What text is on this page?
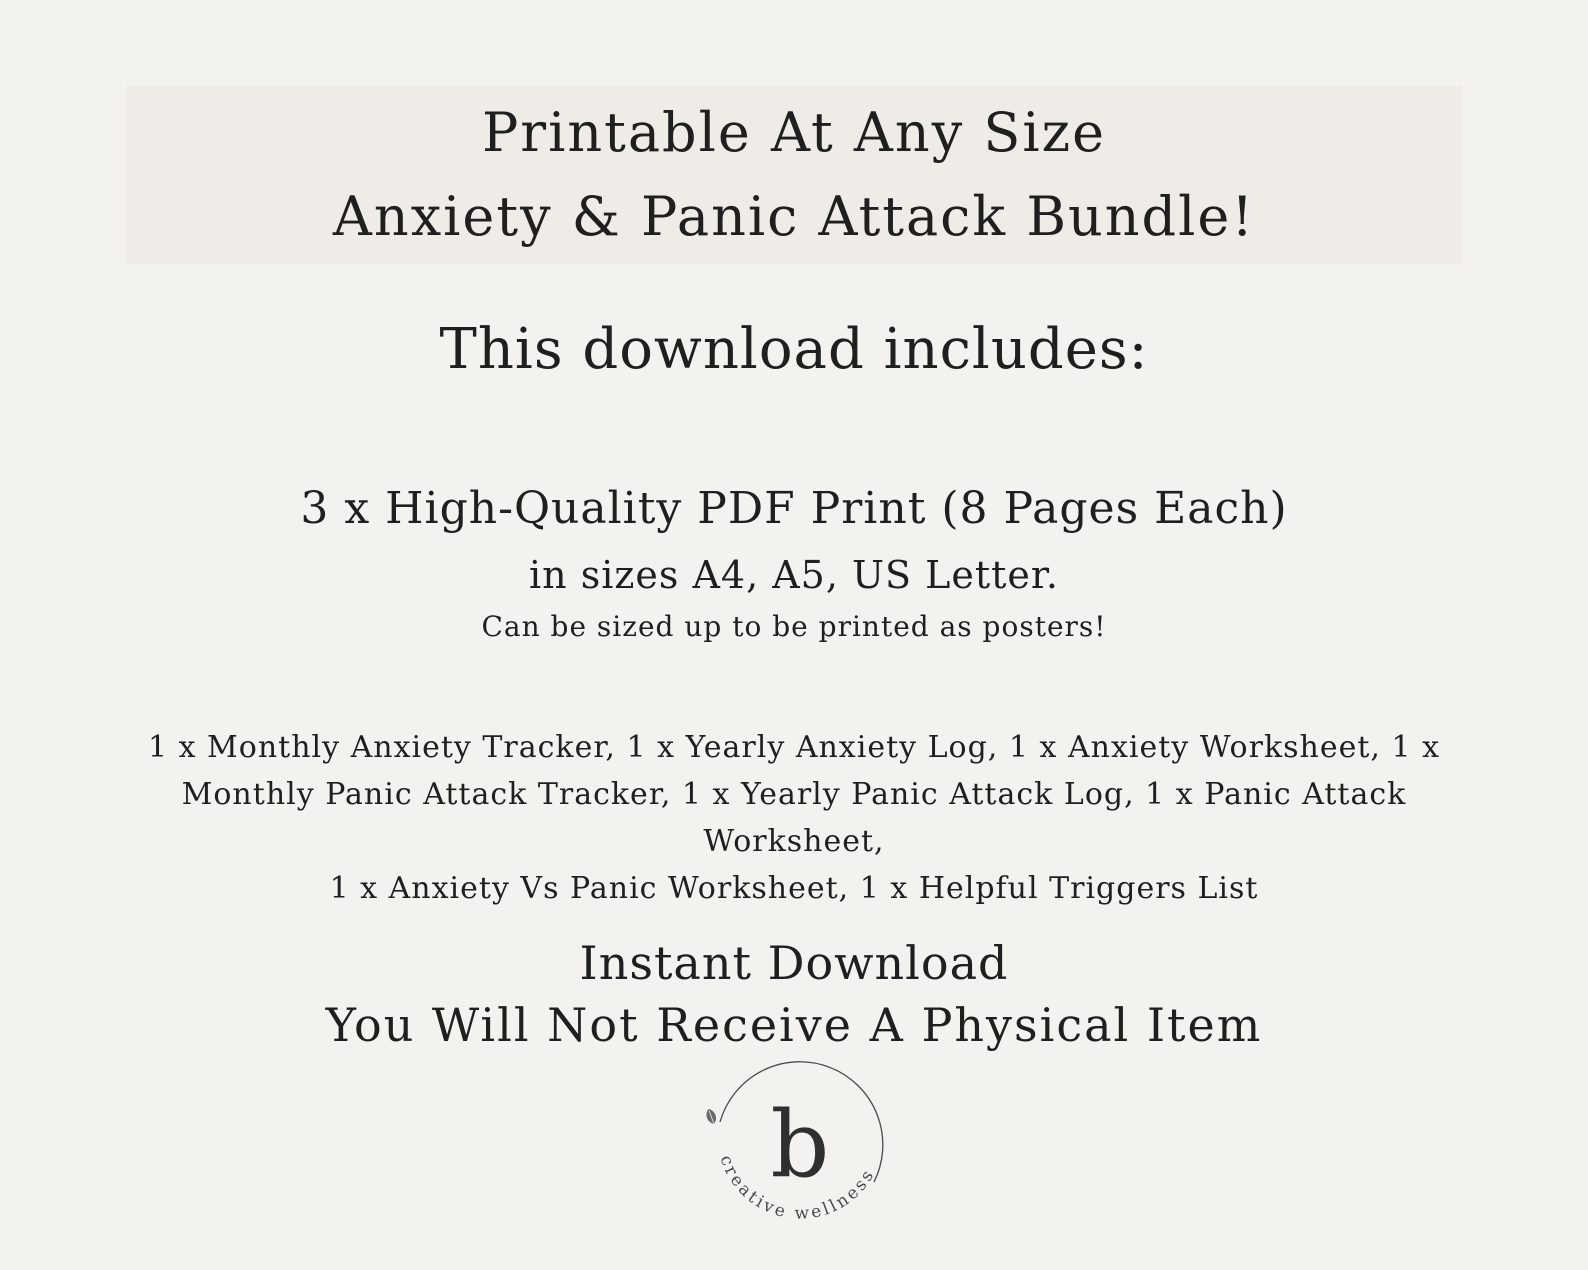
Printable At Any Size
Anxiety & Panic Attack Bundle!
This download includes:
3 x High-Quality PDF Print (8 Pages Each)
in sizes A4, A5, US Letter.
Can be sized up to be printed as posters!
1 x Monthly Anxiety Tracker, 1 x Yearly Anxiety Log, 1 x Anxiety Worksheet, 1 x
Monthly Panic Attack Tracker, 1 x Yearly Panic Attack Log, 1 x Panic Attack Worksheet,
1 x Anxiety Vs Panic Worksheet, 1 x Helpful Triggers List
Instant Download
You Will Not Receive A Physical Item
b
creative wellness
